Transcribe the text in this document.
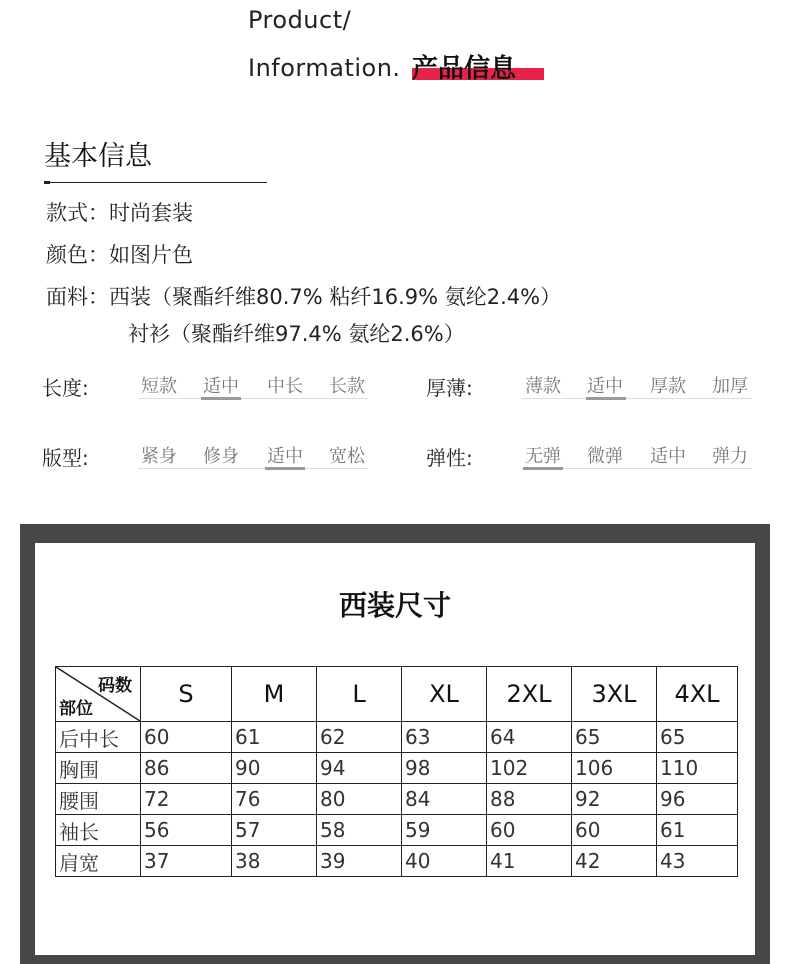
Product/
Information. 产品信息
基本信息
款式：时尚套装
颜色：如图片色
面料：西装（聚酯纤维80.7% 粘纤16.9% 氨纶2.4%）
衬衫（聚酯纤维97.4% 氨纶2.6%）
长度:	短款 适中 中长 长款	厚薄:	薄款 适中 厚款 加厚
版型:	紧身 修身 适中 宽松	弹性:	无弹 微弹 适中 弹力
西装尺寸
码数
部位	S	M	L	XL	2XL	3XL	4XL
后中长	60	61	62	63	64	65	65
胸围	86	90	94	98	102	106	110
腰围	72	76	80	84	88	92	96
袖长	56	57	58	59	60	60	61
肩宽	37	38	39	40	41	42	43
